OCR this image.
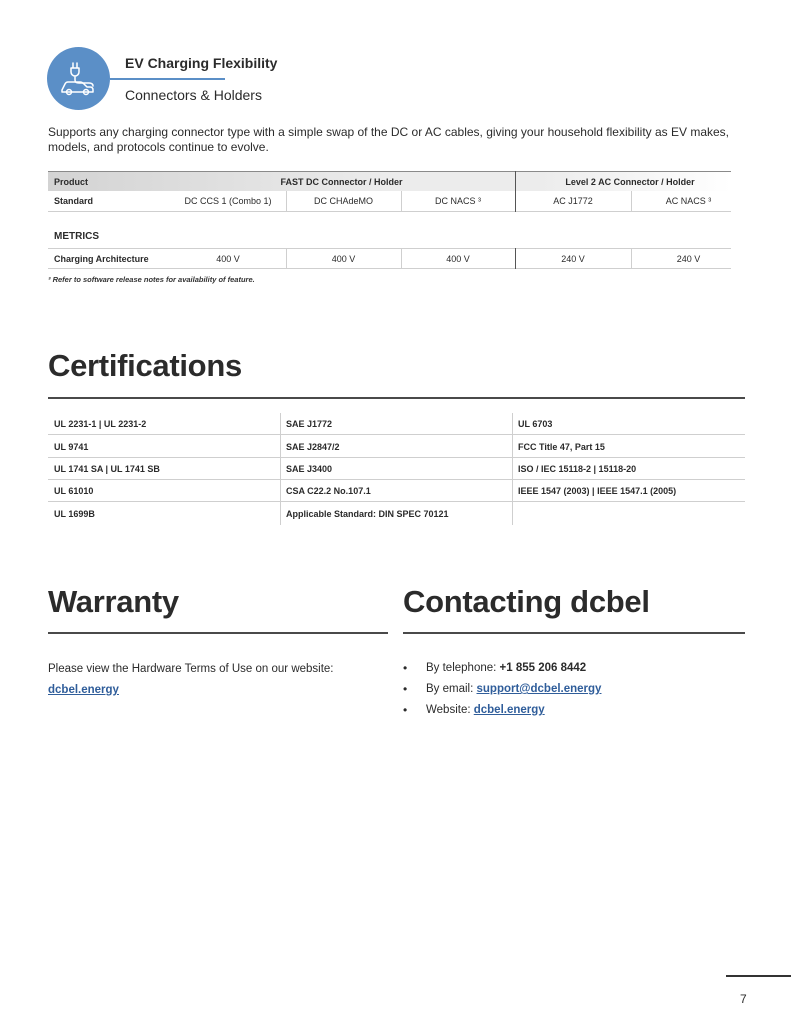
EV Charging Flexibility
Connectors & Holders

Supports any charging connector type with a simple swap of the DC or AC cables, giving your household flexibility as EV makes, models, and protocols continue to evolve.

Product	FAST DC Connector / Holder	Level 2 AC Connector / Holder
Standard	DC CCS 1 (Combo 1)	DC CHAdeMO	DC NACS ³	AC J1772	AC NACS ³
METRICS
Charging Architecture	400 V	400 V	400 V	240 V	240 V
³ Refer to software release notes for availability of feature.
Certifications
UL 2231-1 | UL 2231-2	SAE J1772	UL 6703
UL 9741	SAE J2847/2	FCC Title 47, Part 15
UL 1741 SA | UL 1741 SB	SAE J3400	ISO / IEC 15118-2 | 15118-20
UL 61010	CSA C22.2 No.107.1	IEEE 1547 (2003) | IEEE 1547.1 (2005)
UL 1699B	Applicable Standard: DIN SPEC 70121
Warranty
Please view the Hardware Terms of Use on our website:
dcbel.energy
Contacting dcbel
• By telephone: +1 855 206 8442
• By email: support@dcbel.energy
• Website: dcbel.energy
7
